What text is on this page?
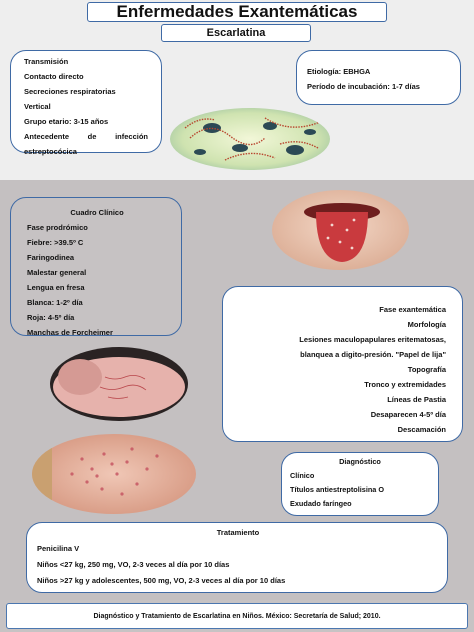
Enfermedades Exantemáticas
Escarlatina
Transmisión
Contacto directo
Secreciones respiratorias
Vertical
Grupo etario: 3-15 años
Antecedente de infección
estreptocócica
Etiología: EBHGA
Período de incubación: 1-7 días
Cuadro Clínico
Fase prodrómico
Fiebre: >39.5º C
Faringodinea
Malestar general
Lengua en fresa
Blanca: 1-2º día
Roja: 4-5º día
Manchas de Forcheimer
Fase exantemática
Morfología
Lesiones maculopapulares eritematosas,
blanquea a digito-presión. "Papel de lija"
Topografía
Tronco y extremidades
Líneas de Pastia
Desaparecen 4-5º día
Descamación
Diagnóstico
Clínico
Títulos antiestreptolisina O
Exudado faríngeo
Tratamiento
Penicilina V
Niños <27 kg, 250 mg, VO, 2-3 veces al día por 10 días
Niños >27 kg y adolescentes, 500 mg, VO, 2-3 veces al día por 10 días
Diagnóstico y Tratamiento de Escarlatina en Niños. México: Secretaría de Salud; 2010.
